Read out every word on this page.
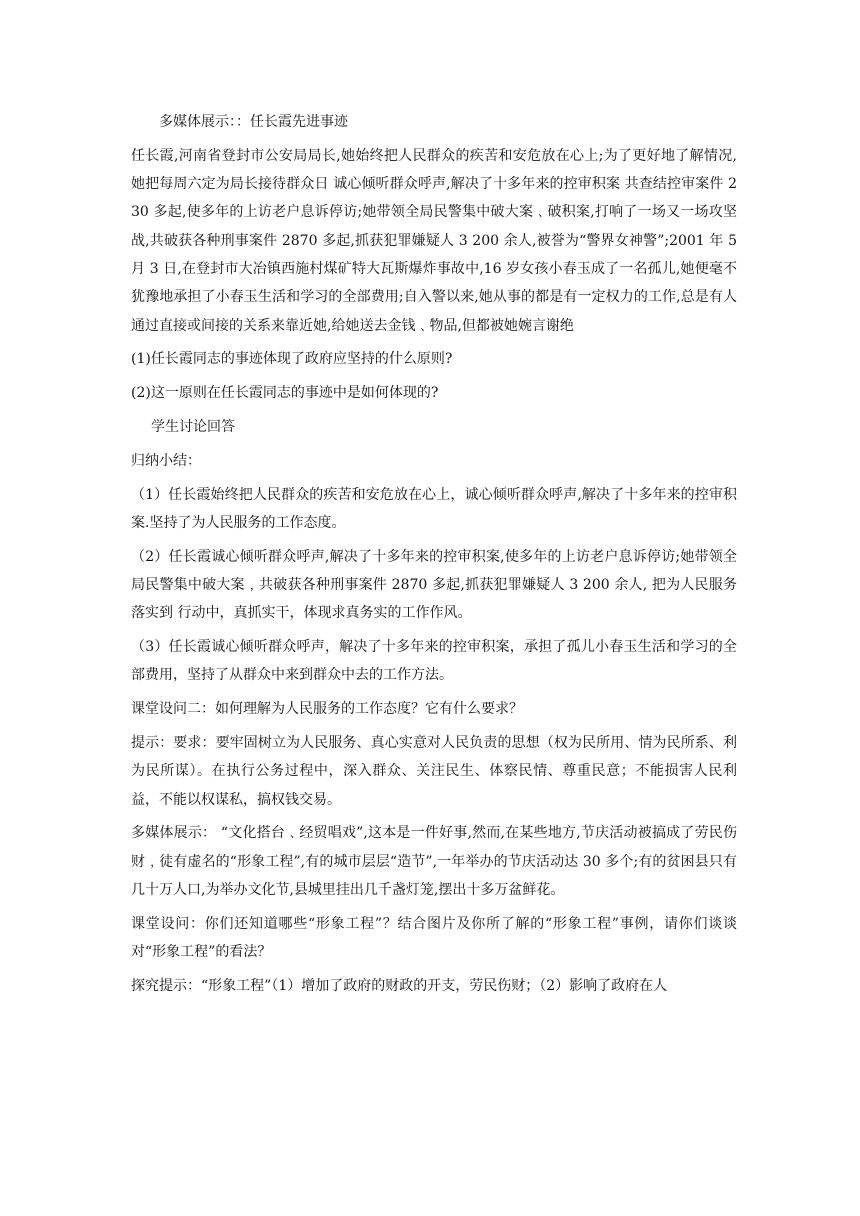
多媒体展示：：任长霞先进事迹

任长霞,河南省登封市公安局局长,她始终把人民群众的疾苦和安危放在心上;为了更好地了解情况,她把每周六定为局长接待群众日 诚心倾听群众呼声,解决了十多年来的控审积案 共查结控审案件 230 多起,使多年的上访老户息诉停访;她带领全局民警集中破大案﹑破积案,打响了一场又一场攻坚战,共破获各种刑事案件 2870 多起,抓获犯罪嫌疑人 3 200 余人,被誉为“警界女神警”;2001 年 5 月 3 日,在登封市大冶镇西施村煤矿特大瓦斯爆炸事故中,16 岁女孩小春玉成了一名孤儿,她便毫不犹豫地承担了小春玉生活和学习的全部费用;自入警以来,她从事的都是有一定权力的工作,总是有人通过直接或间接的关系来靠近她,给她送去金钱﹑物品,但都被她婉言谢绝

(1)任长霞同志的事迹体现了政府应坚持的什么原则?

(2)这一原则在任长霞同志的事迹中是如何体现的?

学生讨论回答

归纳小结：

（1）任长霞始终把人民群众的疾苦和安危放在心上，诚心倾听群众呼声,解决了十多年来的控审积案.坚持了为人民服务的工作态度。

（2）任长霞诚心倾听群众呼声,解决了十多年来的控审积案,使多年的上访老户息诉停访;她带领全局民警集中破大案﹐共破获各种刑事案件 2870 多起,抓获犯罪嫌疑人 3 200 余人, 把为人民服务落实到 行动中，真抓实干，体现求真务实的工作作风。

（3）任长霞诚心倾听群众呼声，解决了十多年来的控审积案，承担了孤儿小春玉生活和学习的全部费用，坚持了从群众中来到群众中去的工作方法。

课堂设问二：如何理解为人民服务的工作态度？它有什么要求？

提示：要求：要牢固树立为人民服务、真心实意对人民负责的思想（权为民所用、情为民所系、利为民所谋）。在执行公务过程中，深入群众、关注民生、体察民情、尊重民意；不能损害人民利益，不能以权谋私，搞权钱交易。

多媒体展示： “文化搭台﹑经贸唱戏”,这本是一件好事,然而,在某些地方,节庆活动被搞成了劳民伤财﹐徒有虚名的“形象工程”,有的城市层层“造节”,一年举办的节庆活动达 30 多个;有的贫困县只有几十万人口,为举办文化节,县城里挂出几千盏灯笼,摆出十多万盆鲜花。

课堂设问：你们还知道哪些“形象工程”？结合图片及你所了解的“形象工程”事例，请你们谈谈对“形象工程”的看法？

探究提示：“形象工程”（1）增加了政府的财政的开支，劳民伤财；（2）影响了政府在人
